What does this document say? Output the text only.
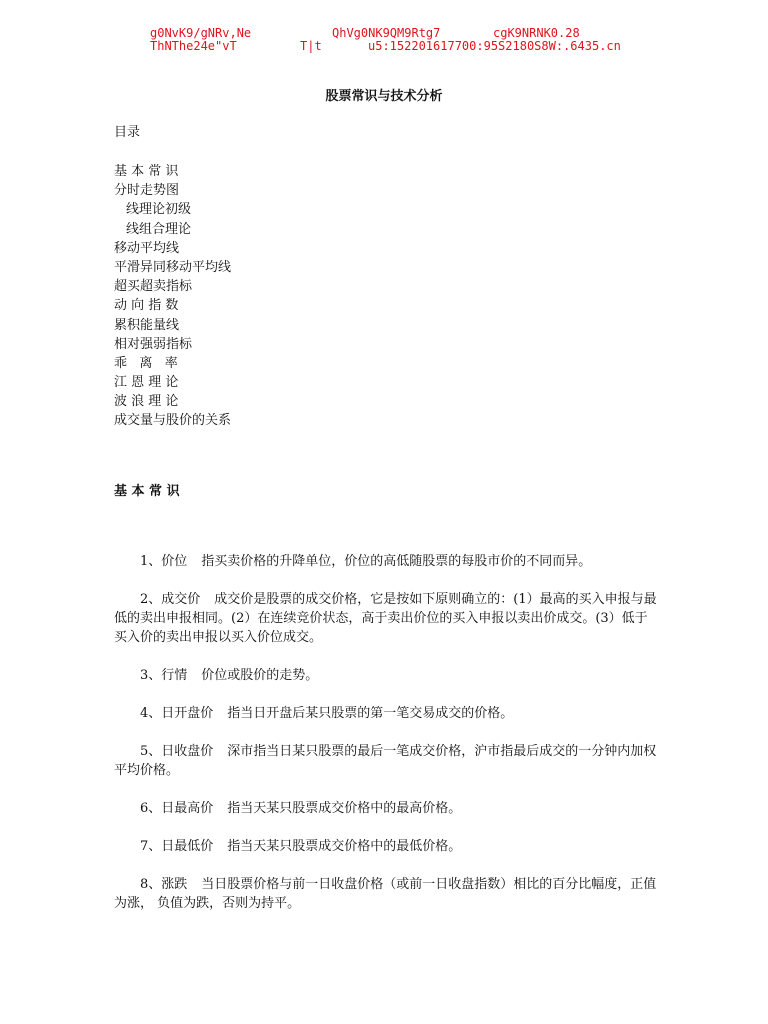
g0NvK9/gNRv,Ne	QhVg0NK9QM9Rtg7	cgK9NRNK0.28
ThNThe24e"vT	T|t	u5:152201617700:95S2180S8W:.6435.cn
股票常识与技术分析

目录

基 本 常 识
分时走势图
线理论初级
线组合理论
移动平均线
平滑异同移动平均线
超买超卖指标
动 向 指 数
累积能量线
相对强弱指标
乖   离   率
江 恩 理 论
波 浪 理 论
成交量与股价的关系
基 本 常 识

1、价位 指买卖价格的升降单位，价位的高低随股票的每股市价的不同而异。

2、成交价 成交价是股票的成交价格，它是按如下原则确立的：(1）最高的买入申报与最低的卖出申报相同。(2）在连续竞价状态，高于卖出价位的买入申报以卖出价成交。(3）低于买入价的卖出申报以买入价位成交。

3、行情 价位或股价的走势。

4、日开盘价 指当日开盘后某只股票的第一笔交易成交的价格。

5、日收盘价 深市指当日某只股票的最后一笔成交价格，沪市指最后成交的一分钟内加权平均价格。

6、日最高价 指当天某只股票成交价格中的最高价格。

7、日最低价 指当天某只股票成交价格中的最低价格。

8、涨跌 当日股票价格与前一日收盘价格（或前一日收盘指数）相比的百分比幅度，正值为涨， 负值为跌，否则为持平。
